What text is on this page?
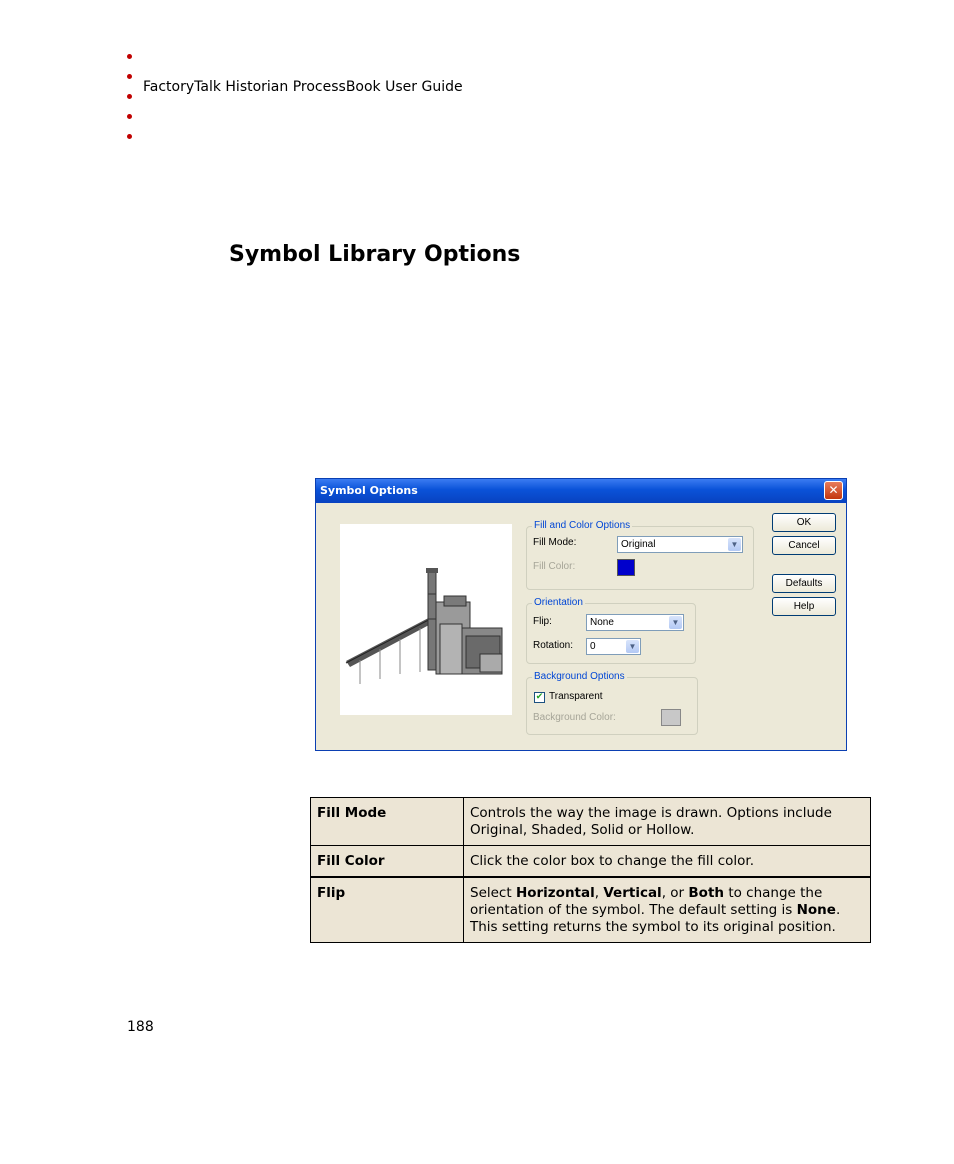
FactoryTalk Historian ProcessBook User Guide
Symbol Library Options
Symbol Options	✕
Fill and Color Options
Fill Mode:	Original	▼
Fill Color:
Orientation
Flip:	None	▼
Rotation:	0	▼
Background Options
✔ Transparent
Background Color:
OK
Cancel
Defaults
Help
Fill Mode	Controls the way the image is drawn. Options include Original, Shaded, Solid or Hollow.
Fill Color	Click the color box to change the fill color.
Flip	Select Horizontal, Vertical, or Both to change the orientation of the symbol. The default setting is None. This setting returns the symbol to its original position.
188
